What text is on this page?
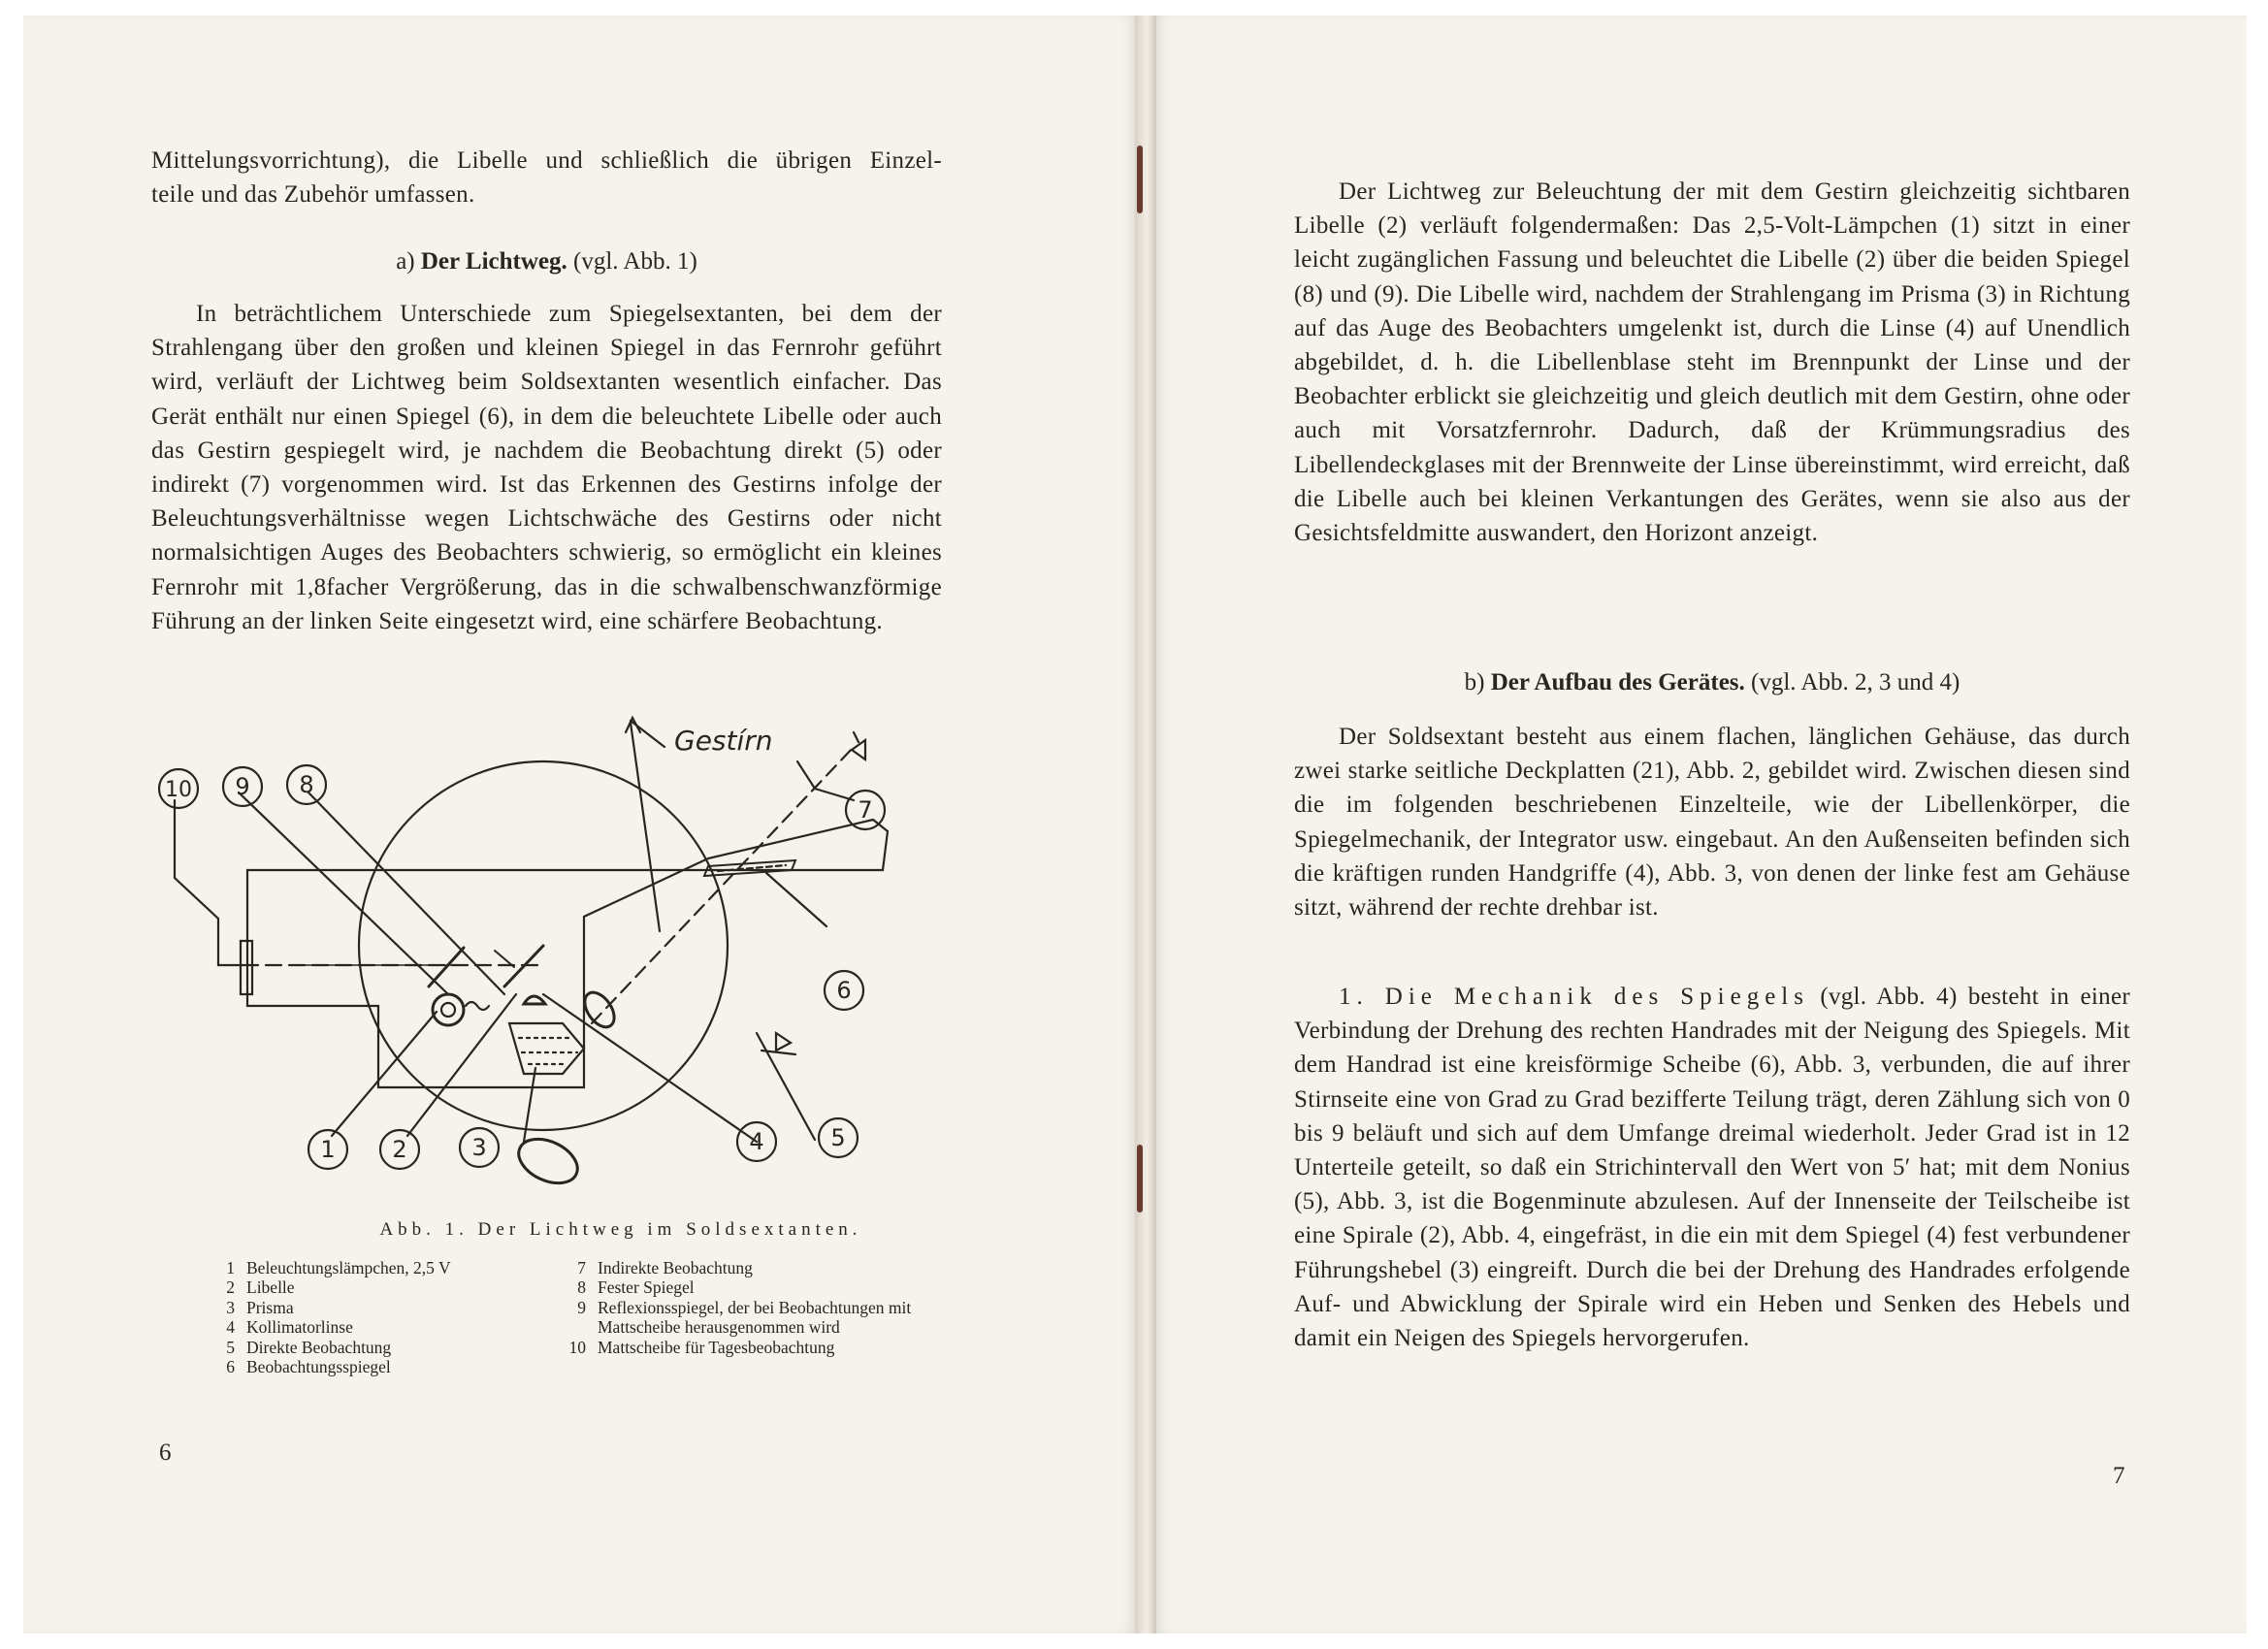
Mittelungsvorrichtung), die Libelle und schließlich die übrigen Einzel-

teile und das Zubehör umfassen.

a) Der Lichtweg. (vgl. Abb. 1)

In beträchtlichem Unterschiede zum Spiegelsextanten, bei dem der Strahlengang über den großen und kleinen Spiegel in das Fernrohr geführt wird, verläuft der Lichtweg beim Soldsextanten wesentlich einfacher. Das Gerät enthält nur einen Spiegel (6), in dem die beleuchtete Libelle oder auch das Gestirn gespiegelt wird, je nachdem die Beobachtung direkt (5) oder indirekt (7) vorgenommen wird. Ist das Erkennen des Gestirns infolge der Beleuchtungsverhältnisse wegen Lichtschwäche des Gestirns oder nicht normalsichtigen Auges des Beobachters schwierig, so ermöglicht ein kleines Fernrohr mit 1,8facher Vergrößerung, das in die schwalbenschwanzförmige Führung an der linken Seite eingesetzt wird, eine schärfere Beobachtung.

Gestírn
10 9 8
7
6
1 2	3	4	5
Abb. 1. Der Lichtweg im Soldsextanten.
1 Beleuchtungslämpchen, 2,5 V
2 Libelle
3 Prisma
4 Kollimatorlinse
5 Direkte Beobachtung
6 Beobachtungsspiegel
7 Indirekte Beobachtung
8 Fester Spiegel
9 Reflexionsspiegel, der bei Beobachtungen mit Mattscheibe herausgenommen wird
10 Mattscheibe für Tagesbeobachtung
6

Der Lichtweg zur Beleuchtung der mit dem Gestirn gleichzeitig sichtbaren Libelle (2) verläuft folgendermaßen: Das 2,5-Volt-Lämpchen (1) sitzt in einer leicht zugänglichen Fassung und beleuchtet die Libelle (2) über die beiden Spiegel (8) und (9). Die Libelle wird, nachdem der Strahlengang im Prisma (3) in Richtung auf das Auge des Beobachters umgelenkt ist, durch die Linse (4) auf Unendlich abgebildet, d. h. die Libellenblase steht im Brennpunkt der Linse und der Beobachter erblickt sie gleichzeitig und gleich deutlich mit dem Gestirn, ohne oder auch mit Vorsatzfernrohr. Dadurch, daß der Krümmungsradius des Libellendeckglases mit der Brennweite der Linse übereinstimmt, wird erreicht, daß die Libelle auch bei kleinen Verkantungen des Gerätes, wenn sie also aus der Gesichtsfeldmitte auswandert, den Horizont anzeigt.

b) Der Aufbau des Gerätes. (vgl. Abb. 2, 3 und 4)

Der Soldsextant besteht aus einem flachen, länglichen Gehäuse, das durch zwei starke seitliche Deckplatten (21), Abb. 2, gebildet wird. Zwischen diesen sind die im folgenden beschriebenen Einzelteile, wie der Libellenkörper, die Spiegelmechanik, der Integrator usw. eingebaut. An den Außenseiten befinden sich die kräftigen runden Handgriffe (4), Abb. 3, von denen der linke fest am Gehäuse sitzt, während der rechte drehbar ist.

1. Die Mechanik des Spiegels (vgl. Abb. 4) besteht in einer Verbindung der Drehung des rechten Handrades mit der Neigung des Spiegels. Mit dem Handrad ist eine kreisförmige Scheibe (6), Abb. 3, verbunden, die auf ihrer Stirnseite eine von Grad zu Grad bezifferte Teilung trägt, deren Zählung sich von 0 bis 9 beläuft und sich auf dem Umfange dreimal wiederholt. Jeder Grad ist in 12 Unterteile geteilt, so daß ein Strichintervall den Wert von 5′ hat; mit dem Nonius (5), Abb. 3, ist die Bogenminute abzulesen. Auf der Innenseite der Teilscheibe ist eine Spirale (2), Abb. 4, eingefräst, in die ein mit dem Spiegel (4) fest verbundener Führungshebel (3) eingreift. Durch die bei der Drehung des Handrades erfolgende Auf- und Abwicklung der Spirale wird ein Heben und Senken des Hebels und damit ein Neigen des Spiegels hervorgerufen.

7
